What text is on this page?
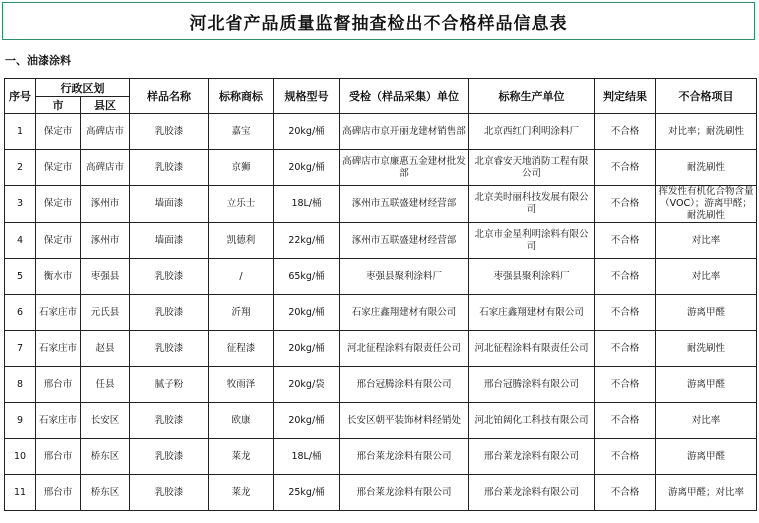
河北省产品质量监督抽查检出不合格样品信息表
一、油漆涂料
序号	行政区划		样品名称	标称商标	规格型号	受检（样品采集）单位	标称生产单位	判定结果	不合格项目
	市	县区							
1	保定市	高碑店市	乳胶漆	嘉宝	20kg/桶	高碑店市京开丽龙建材销售部	北京西红门利明涂料厂	不合格	对比率；耐洗刷性
2	保定市	高碑店市	乳胶漆	京狮	20kg/桶	高碑店市京廉惠五金建材批发部	北京睿安天地消防工程有限公司	不合格	耐洗刷性
3	保定市	涿州市	墙面漆	立乐士	18L/桶	涿州市五联盛建材经营部	北京美时丽科技发展有限公司	不合格	挥发性有机化合物含量（VOC）；游离甲醛；耐洗刷性
4	保定市	涿州市	墙面漆	凯德利	22kg/桶	涿州市五联盛建材经营部	北京市金星利明涂料有限公司	不合格	对比率
5	衡水市	枣强县	乳胶漆	/	65kg/桶	枣强县聚利涂料厂	枣强县聚利涂料厂	不合格	对比率
6	石家庄市	元氏县	乳胶漆	沂翔	20kg/桶	石家庄鑫翔建材有限公司	石家庄鑫翔建材有限公司	不合格	游离甲醛
7	石家庄市	赵县	乳胶漆	征程漆	20kg/桶	河北征程涂料有限责任公司	河北征程涂料有限责任公司	不合格	耐洗刷性
8	邢台市	任县	腻子粉	牧雨泽	20kg/袋	邢台冠腾涂料有限公司	邢台冠腾涂料有限公司	不合格	游离甲醛
9	石家庄市	长安区	乳胶漆	欧康	20kg/桶	长安区朝平装饰材料经销处	河北铂阔化工科技有限公司	不合格	对比率
10	邢台市	桥东区	乳胶漆	莱龙	18L/桶	邢台莱龙涂料有限公司	邢台莱龙涂料有限公司	不合格	游离甲醛
11	邢台市	桥东区	乳胶漆	莱龙	25kg/桶	邢台莱龙涂料有限公司	邢台莱龙涂料有限公司	不合格	游离甲醛；对比率
